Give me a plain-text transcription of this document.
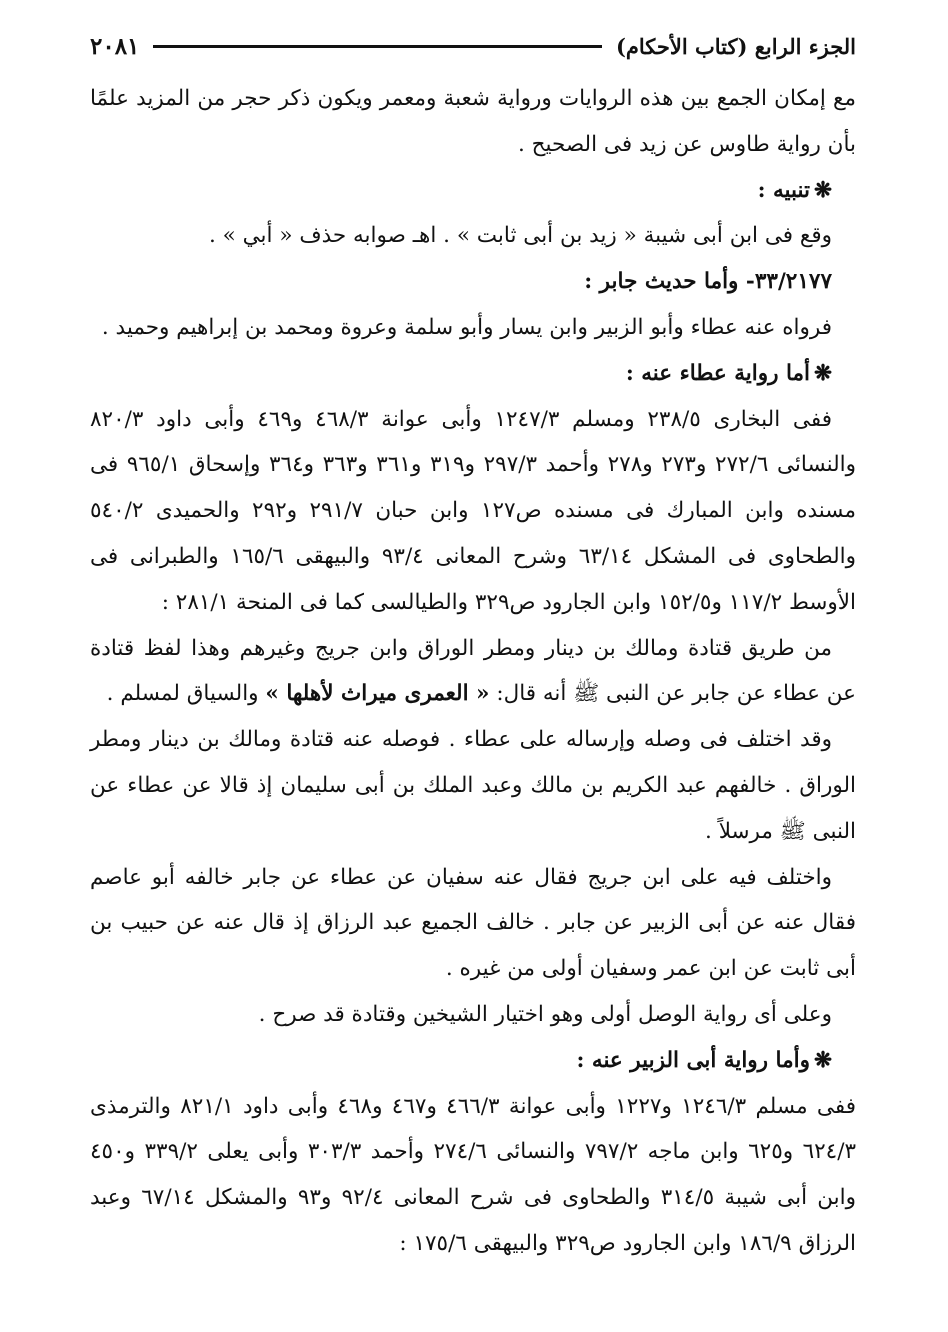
الجزء الرابع (كتاب الأحكام)
٢٠٨١

مع إمكان الجمع بين هذه الروايات ورواية شعبة ومعمر ويكون ذكر حجر من المزيد علمًا بأن رواية طاوس عن زيد فى الصحيح .

❋تنبيه :

وقع فى ابن أبى شيبة « زيد بن أبى ثابت » . اهـ صوابه حذف « أبي » .

٣٣/٢١٧٧- وأما حديث جابر :

فرواه عنه عطاء وأبو الزبير وابن يسار وأبو سلمة وعروة ومحمد بن إبراهيم وحميد .

❋أما رواية عطاء عنه :

ففى البخارى ٢٣٨/٥ ومسلم ١٢٤٧/٣ وأبى عوانة ٤٦٨/٣ و٤٦٩ وأبى داود ٨٢٠/٣ والنسائى ٢٧٢/٦ و٢٧٣ و٢٧٨ وأحمد ٢٩٧/٣ و٣١٩ و٣٦١ و٣٦٣ و٣٦٤ وإسحاق ٩٦٥/١ فى مسنده وابن المبارك فى مسنده ص١٢٧ وابن حبان ٢٩١/٧ و٢٩٢ والحميدى ٥٤٠/٢ والطحاوى فى المشكل ٦٣/١٤ وشرح المعانى ٩٣/٤ والبيهقى ١٦٥/٦ والطبرانى فى الأوسط ١١٧/٢ و١٥٢/٥ وابن الجارود ص٣٢٩ والطيالسى كما فى المنحة ٢٨١/١ :

من طريق قتادة ومالك بن دينار ومطر الوراق وابن جريج وغيرهم وهذا لفظ قتادة عن عطاء عن جابر عن النبى ﷺ أنه قال: « العمرى ميراث لأهلها » والسياق لمسلم .

وقد اختلف فى وصله وإرساله على عطاء . فوصله عنه قتادة ومالك بن دينار ومطر الوراق . خالفهم عبد الكريم بن مالك وعبد الملك بن أبى سليمان إذ قالا عن عطاء عن النبى ﷺ مرسلاً .

واختلف فيه على ابن جريج فقال عنه سفيان عن عطاء عن جابر خالفه أبو عاصم فقال عنه عن أبى الزبير عن جابر . خالف الجميع عبد الرزاق إذ قال عنه عن حبيب بن أبى ثابت عن ابن عمر وسفيان أولى من غيره .

وعلى أى رواية الوصل أولى وهو اختيار الشيخين وقتادة قد صرح .

❋وأما رواية أبى الزبير عنه :

ففى مسلم ١٢٤٦/٣ و١٢٢٧ وأبى عوانة ٤٦٦/٣ و٤٦٧ و٤٦٨ وأبى داود ٨٢١/١ والترمذى ٦٢٤/٣ و٦٢٥ وابن ماجه ٧٩٧/٢ والنسائى ٢٧٤/٦ وأحمد ٣٠٣/٣ وأبى يعلى ٣٣٩/٢ و٤٥٠ وابن أبى شيبة ٣١٤/٥ والطحاوى فى شرح المعانى ٩٢/٤ و٩٣ والمشكل ٦٧/١٤ وعبد الرزاق ١٨٦/٩ وابن الجارود ص٣٢٩ والبيهقى ١٧٥/٦ :
